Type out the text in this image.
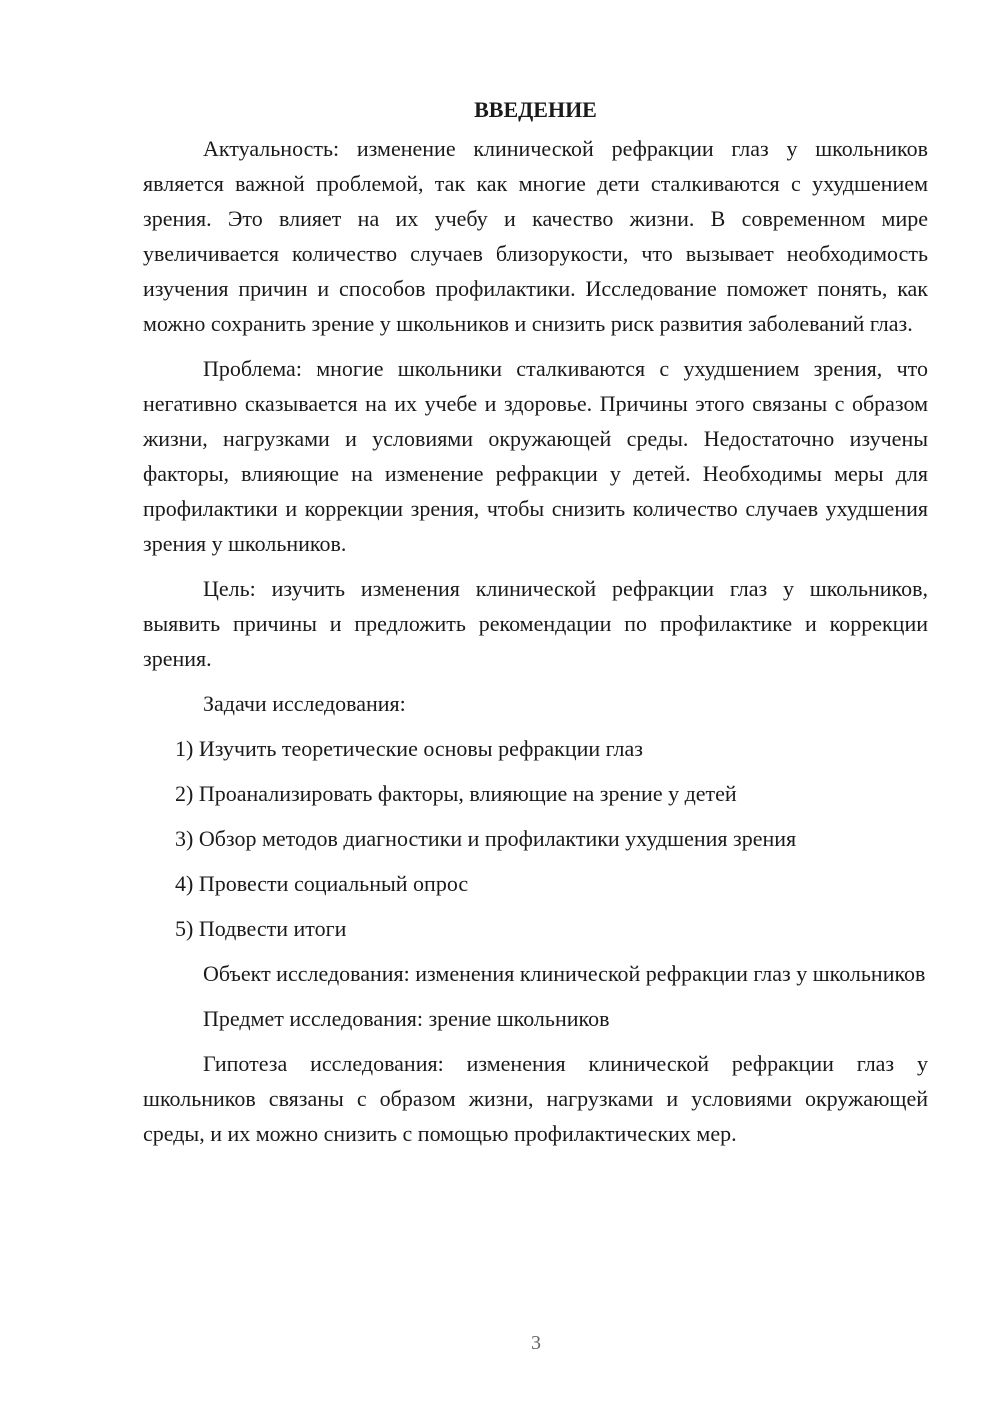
ВВЕДЕНИЕ

Актуальность: изменение клинической рефракции глаз у школьников является важной проблемой, так как многие дети сталкиваются с ухудшением зрения. Это влияет на их учебу и качество жизни. В современном мире увеличивается количество случаев близорукости, что вызывает необходимость изучения причин и способов профилактики. Исследование поможет понять, как можно сохранить зрение у школьников и снизить риск развития заболеваний глаз.

Проблема: многие школьники сталкиваются с ухудшением зрения, что негативно сказывается на их учебе и здоровье. Причины этого связаны с образом жизни, нагрузками и условиями окружающей среды. Недостаточно изучены факторы, влияющие на изменение рефракции у детей. Необходимы меры для профилактики и коррекции зрения, чтобы снизить количество случаев ухудшения зрения у школьников.

Цель: изучить изменения клинической рефракции глаз у школьников, выявить причины и предложить рекомендации по профилактике и коррекции зрения.

Задачи исследования:

1) Изучить теоретические основы рефракции глаз
2) Проанализировать факторы, влияющие на зрение у детей
3) Обзор методов диагностики и профилактики ухудшения зрения
4) Провести социальный опрос
5) Подвести итоги

Объект исследования: изменения клинической рефракции глаз у школьников

Предмет исследования: зрение школьников

Гипотеза исследования: изменения клинической рефракции глаз у школьников связаны с образом жизни, нагрузками и условиями окружающей среды, и их можно снизить с помощью профилактических мер.

3
